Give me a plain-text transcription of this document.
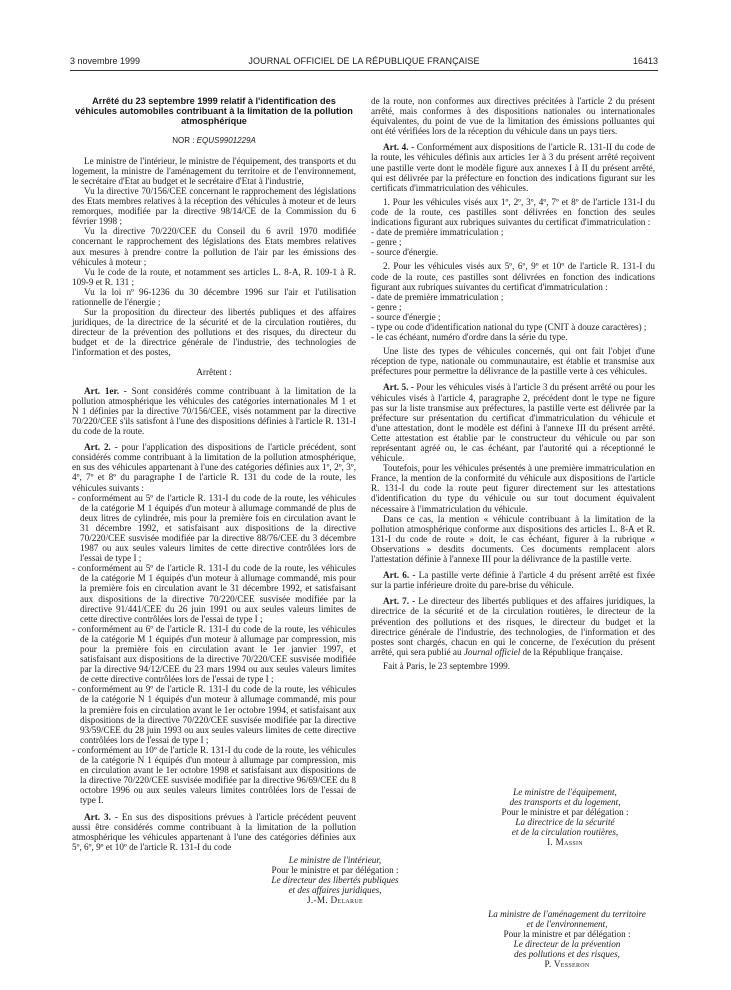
3 novembre 1999	JOURNAL OFFICIEL DE LA RÉPUBLIQUE FRANÇAISE	16413

Arrêté du 23 septembre 1999 relatif à l'identification des véhicules automobiles contribuant à la limitation de la pollution atmosphérique

NOR : EQUS9901229A

Le ministre de l'intérieur, le ministre de l'équipement, des transports et du logement, la ministre de l'aménagement du territoire et de l'environnement, le secrétaire d'Etat au budget et le secrétaire d'Etat à l'industrie,

Vu la directive 70/156/CEE concernant le rapprochement des législations des Etats membres relatives à la réception des véhicules à moteur et de leurs remorques, modifiée par la directive 98/14/CE de la Commission du 6 février 1998 ;

Vu la directive 70/220/CEE du Conseil du 6 avril 1970 modifiée concernant le rapprochement des législations des Etats membres relatives aux mesures à prendre contre la pollution de l'air par les émissions des véhicules à moteur ;

Vu le code de la route, et notamment ses articles L. 8-A, R. 109-1 à R. 109-9 et R. 131 ;

Vu la loi nº 96-1236 du 30 décembre 1996 sur l'air et l'utilisation rationnelle de l'énergie ;

Sur la proposition du directeur des libertés publiques et des affaires juridiques, de la directrice de la sécurité et de la circulation routières, du directeur de la prévention des pollutions et des risques, du directeur du budget et de la directrice générale de l'industrie, des technologies de l'information et des postes,

Arrêtent :

Art. 1er. - Sont considérés comme contribuant à la limitation de la pollution atmosphérique les véhicules des catégories internationales M 1 et N 1 définies par la directive 70/156/CEE, visés notamment par la directive 70/220/CEE s'ils satisfont à l'une des dispositions définies à l'article R. 131-I du code de la route.

Art. 2. - pour l'application des dispositions de l'article précédent, sont considérés comme contribuant à la limitation de la pollution atmosphérique, en sus des véhicules appartenant à l'une des catégories définies aux 1º, 2º, 3º, 4º, 7º et 8º du paragraphe I de l'article R. 131 du code de la route, les véhicules suivants :

- conformément au 5º de l'article R. 131-I du code de la route, les véhicules de la catégorie M 1 équipés d'un moteur à allumage commandé de plus de deux litres de cylindrée, mis pour la première fois en circulation avant le 31 décembre 1992, et satisfaisant aux dispositions de la directive 70/220/CEE susvisée modifiée par la directive 88/76/CEE du 3 décembre 1987 ou aux seules valeurs limites de cette directive contrôlées lors de l'essai de type I ;

- conformément au 5º de l'article R. 131-I du code de la route, les véhicules de la catégorie M 1 équipés d'un moteur à allumage commandé, mis pour la première fois en circulation avant le 31 décembre 1992, et satisfaisant aux dispositions de la directive 70/220/CEE susvisée modifiée par la directive 91/441/CEE du 26 juin 1991 ou aux seules valeurs limites de cette directive contrôlées lors de l'essai de type I ;

- conformément au 6º de l'article R. 131-I du code de la route, les véhicules de la catégorie M 1 équipés d'un moteur à allumage par compression, mis pour la première fois en circulation avant le 1er janvier 1997, et satisfaisant aux dispositions de la directive 70/220/CEE susvisée modifiée par la directive 94/12/CEE du 23 mars 1994 ou aux seules valeurs limites de cette directive contrôlées lors de l'essai de type I ;

- conformément au 9º de l'article R. 131-I du code de la route, les véhicules de la catégorie N 1 équipés d'un moteur à allumage commandé, mis pour la première fois en circulation avant le 1er octobre 1994, et satisfaisant aux dispositions de la directive 70/220/CEE susvisée modifiée par la directive 93/59/CEE du 28 juin 1993 ou aux seules valeurs limites de cette directive contrôlées lors de l'essai de type I ;

- conformément au 10º de l'article R. 131-I du code de la route, les véhicules de la catégorie N 1 équipés d'un moteur à allumage par compression, mis en circulation avant le 1er octobre 1998 et satisfaisant aux dispositions de la directive 70/220/CEE susvisée modifiée par la directive 96/69/CEE du 8 octobre 1996 ou aux seules valeurs limites contrôlées lors de l'essai de type I.

Art. 3. - En sus des dispositions prévues à l'article précédent peuvent aussi être considérés comme contribuant à la limitation de la pollution atmosphérique les véhicules appartenant à l'une des catégories définies aux 5º, 6º, 9º et 10º de l'article R. 131-I du code

de la route, non conformes aux directives précitées à l'article 2 du présent arrêté, mais conformes à des dispositions nationales ou internationales équivalentes, du point de vue de la limitation des émissions polluantes qui ont été vérifiées lors de la réception du véhicule dans un pays tiers.

Art. 4. - Conformément aux dispositions de l'article R. 131-II du code de la route, les véhicules définis aux articles 1er à 3 du présent arrêté reçoivent une pastille verte dont le modèle figure aux annexes I à II du présent arrêté, qui est délivrée par la préfecture en fonction des indications figurant sur les certificats d'immatriculation des véhicules.

1. Pour les véhicules visés aux 1º, 2º, 3º, 4º, 7º et 8º de l'article 131-I du code de la route, ces pastilles sont délivrées en fonction des seules indications figurant aux rubriques suivantes du certificat d'immatriculation :

- date de première immatriculation ;

- genre ;

- source d'énergie.

2. Pour les véhicules visés aux 5º, 6º, 9º et 10º de l'article R. 131-I du code de la route, ces pastilles sont délivrées en fonction des indications figurant aux rubriques suivantes du certificat d'immatriculation :

- date de première immatriculation ;

- genre ;

- source d'énergie ;

- type ou code d'identification national du type (CNIT à douze caractères) ;

- le cas échéant, numéro d'ordre dans la série du type.

Une liste des types de véhicules concernés, qui ont fait l'objet d'une réception de type, nationale ou communautaire, est établie et transmise aux préfectures pour permettre la délivrance de la pastille verte à ces véhicules.

Art. 5. - Pour les véhicules visés à l'article 3 du présent arrêté ou pour les véhicules visés à l'article 4, paragraphe 2, précédent dont le type ne figure pas sur la liste transmise aux préfectures, la pastille verte est délivrée par la préfecture sur présentation du certificat d'immatriculation du véhicule et d'une attestation, dont le modèle est défini à l'annexe III du présent arrêté. Cette attestation est établie par le constructeur du véhicule ou par son représentant agréé ou, le cas échéant, par l'autorité qui a réceptionné le véhicule.

Toutefois, pour les véhicules présentés à une première immatriculation en France, la mention de la conformité du véhicule aux dispositions de l'article R. 131-I du code la route peut figurer directement sur les attestations d'identification du type du véhicule ou sur tout document équivalent nécessaire à l'immatriculation du véhicule.

Dans ce cas, la mention « véhicule contribuant à la limitation de la pollution atmosphérique conforme aux dispositions des articles L. 8-A et R. 131-I du code de route » doit, le cas échéant, figurer à la rubrique « Observations » desdits documents. Ces documents remplacent alors l'attestation définie à l'annexe III pour la délivrance de la pastille verte.

Art. 6. - La pastille verte définie à l'article 4 du présent arrêté est fixée sur la partie inférieure droite du pare-brise du véhicule.

Art. 7. - Le directeur des libertés publiques et des affaires juridiques, la directrice de la sécurité et de la circulation routières, le directeur de la prévention des pollutions et des risques, le directeur du budget et la directrice générale de l'industrie, des technologies, de l'information et des postes sont chargés, chacun en qui le concerne, de l'exécution du présent arrêté, qui sera publié au Journal officiel de la République française.

Fait à Paris, le 23 septembre 1999.

Le ministre de l'équipement,
des transports et du logement,
Pour le ministre et par délégation :
La directrice de la sécurité
et de la circulation routières,
I. Massin
Le ministre de l'intérieur,
Pour le ministre et par délégation :
Le directeur des libertés publiques
et des affaires juridiques,
J.-M. Delarue
La ministre de l'aménagement du territoire
et de l'environnement,
Pour la ministre et par délégation :
Le directeur de la prévention
des pollutions et des risques,
P. Vesseron
